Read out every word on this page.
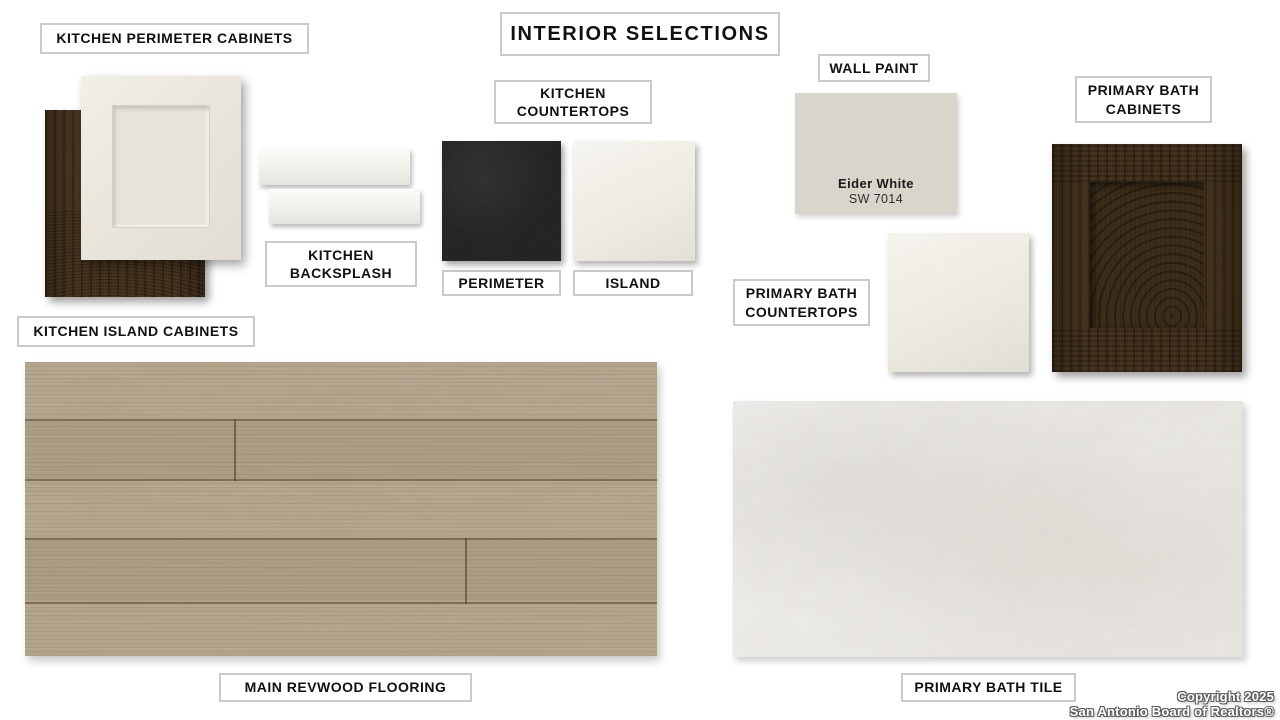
INTERIOR SELECTIONS
KITCHEN PERIMETER CABINETS
WALL PAINT
PRIMARY BATH CABINETS
KITCHEN COUNTERTOPS
KITCHEN BACKSPLASH
PERIMETER	ISLAND
PRIMARY BATH COUNTERTOPS
KITCHEN ISLAND CABINETS
MAIN REVWOOD FLOORING	PRIMARY BATH TILE
Eider White
SW 7014
Copyright 2025
San Antonio Board of Realtors®
